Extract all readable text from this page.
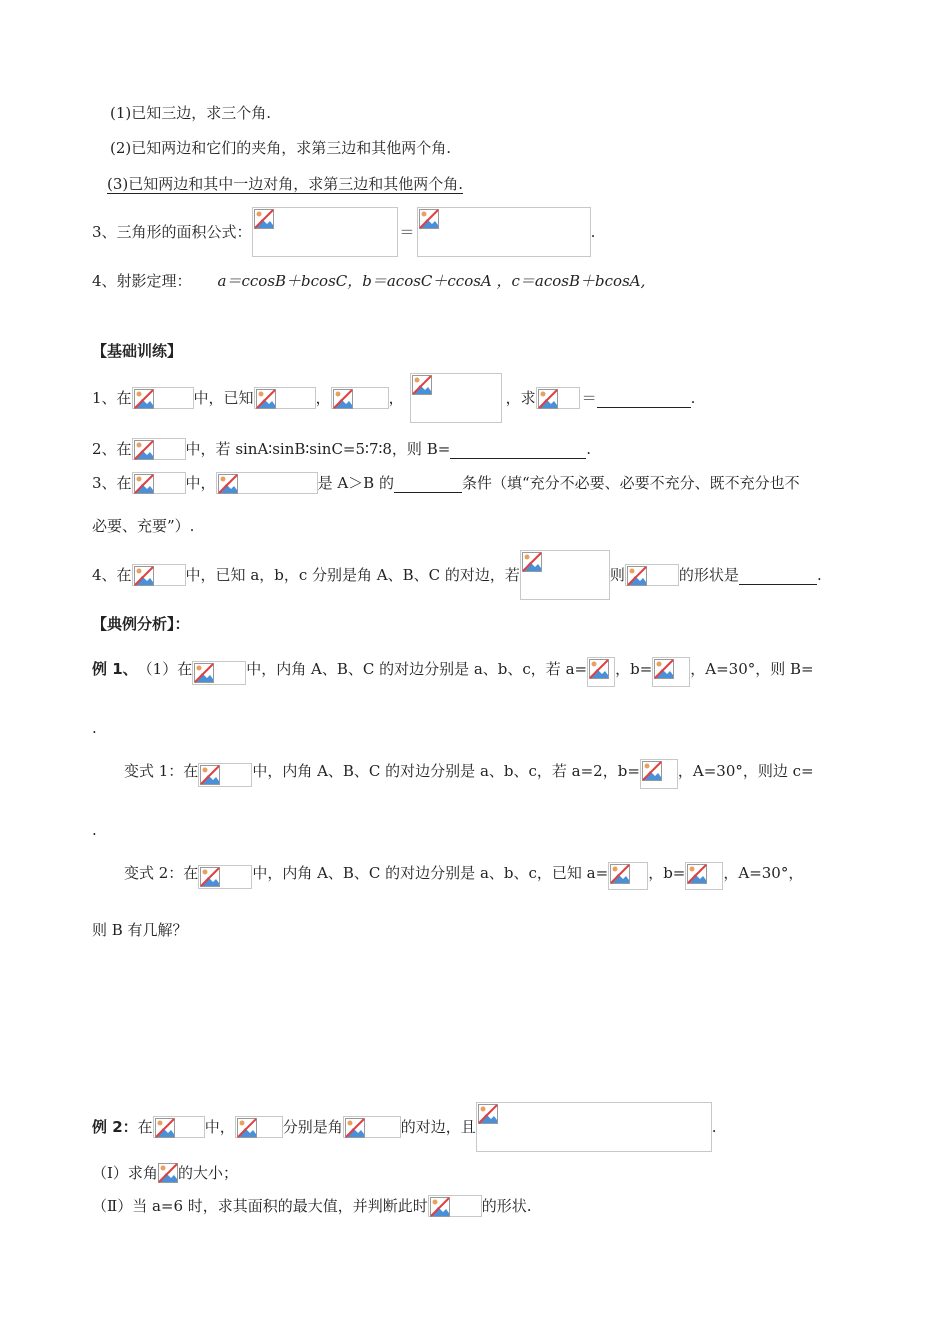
(1)已知三边，求三个角.
(2)已知两边和它们的夹角，求第三边和其他两个角.
(3)已知两边和其中一边对角，求第三边和其他两个角.
3、三角形的面积公式：	＝	.
4、射影定理： a＝ccosB＋bcosC，b＝acosC＋ccosA ，c＝acosB＋bcosA,
【基础训练】
1、在	中，已知	，	，	，求	＝	.
2、在	中，若 sinA∶sinB∶sinC=5∶7∶8，则 B=	.
3、在	中，	是 A＞B 的	条件（填“充分不必要、必要不充分、既不充分也不
必要、充要”）.
4、在	中，已知 a，b，c 分别是角 A、B、C 的对边，若	则	的形状是	.
【典例分析】：
例 1、 （1）在	中，内角 A、B、C 的对边分别是 a、b、c，若 a= ，b=	，A=30°，则 B=
.
变式 1：在	中，内角 A、B、C 的对边分别是 a、b、c，若 a=2，b=	，A=30°，则边 c=
.
变式 2：在	中，内角 A、B、C 的对边分别是 a、b、c，已知 a=	，b=	，A=30°，
则 B 有几解？
例 2： 在	中，	分别是角	的对边，且	.
（Ⅰ）求角 的大小；
（Ⅱ）当 a=6 时，求其面积的最大值，并判断此时	的形状.
